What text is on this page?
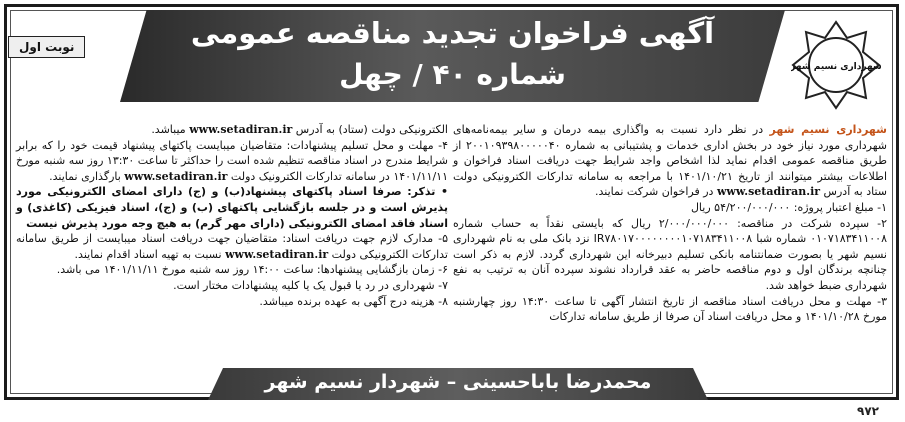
آگهی فراخوان تجدید مناقصه عمومی
شماره ۴۰ / چهل
نوبت اول
شهرداری نسیم شهر

شهرداری نسیم شهر در نظر دارد نسبت به واگذاری بیمه درمان و سایر بیمه‌نامه‌های شهرداری مورد نیاز خود در بخش اداری خدمات و پشتیبانی به شماره ۲۰۰۱۰۹۳۹۸۰۰۰۰۰۴۰ از طریق مناقصه عمومی اقدام نماید لذا اشخاص واجد شرایط جهت دریافت اسناد فراخوان و اطلاعات بیشتر میتوانند از تاریخ ۱۴۰۱/۱۰/۲۱ با مراجعه به سامانه تدارکات الکترونیکی دولت ستاد به آدرس www.setadiran.ir در فراخوان شرکت نمایند.

۱- مبلغ اعتبار پروژه: ۵۴/۲۰۰/۰۰۰/۰۰۰ ریال

۲- سپرده شرکت در مناقصه: ۲/۰۰۰/۰۰۰/۰۰۰ ریال که بایستی نقداً به حساب شماره ۰۱۰۷۱۸۳۴۱۱۰۰۸ شماره شبا IR۷۸۰۱۷۰۰۰۰۰۰۰۰۱۰۷۱۸۳۴۱۱۰۰۸ نزد بانک ملی به نام شهرداری نسیم شهر یا بصورت ضمانتنامه بانکی تسلیم دبیرخانه این شهرداری گردد. لازم به ذکر است چنانچه برندگان اول و دوم مناقصه حاضر به عقد قرارداد نشوند سپرده آنان به ترتیب به نفع شهرداری ضبط خواهد شد.

۳- مهلت و محل دریافت اسناد مناقصه از تاریخ انتشار آگهی تا ساعت ۱۴:۳۰ روز چهارشنبه مورخ ۱۴۰۱/۱۰/۲۸ و محل دریافت اسناد آن صرفا از طریق سامانه تدارکات

الکترونیکی دولت (ستاد) به آدرس www.setadiran.ir میباشد.

۴- مهلت و محل تسلیم پیشنهادات: متقاضیان میبایست پاکتهای پیشنهاد قیمت خود را که برابر شرایط مندرج در اسناد مناقصه تنظیم شده است را حداکثر تا ساعت ۱۳:۳۰ روز سه شنبه مورخ ۱۴۰۱/۱۱/۱۱ در سامانه تدارکات الکترونیک دولت www.setadiran.ir بارگذاری نمایند.

• تذکر: صرفا اسناد پاکتهای پیشنهاد(ب) و (ج) دارای امضای الکترونیکی مورد پذیرش است و در جلسه بازگشایی پاکتهای (ب) و (ج)، اسناد فیزیکی (کاغذی) و اسناد فاقد امضای الکترونیکی (دارای مهر گرم) به هیچ وجه مورد پذیرش نیست

۵- مدارک لازم جهت دریافت اسناد: متقاضیان جهت دریافت اسناد میبایست از طریق سامانه تدارکات الکترونیکی دولت www.setadiran.ir نسبت به تهیه اسناد اقدام نمایند.

۶- زمان بازگشایی پیشنهادها: ساعت ۱۴:۰۰ روز سه شنبه مورخ ۱۴۰۱/۱۱/۱۱ می باشد.

۷- شهرداری در رد یا قبول یک یا کلیه پیشنهادات مختار است.

۸- هزینه درج آگهی به عهده برنده میباشد.

محمدرضا باباحسینی – شهردار نسیم شهر
۹۷۲
